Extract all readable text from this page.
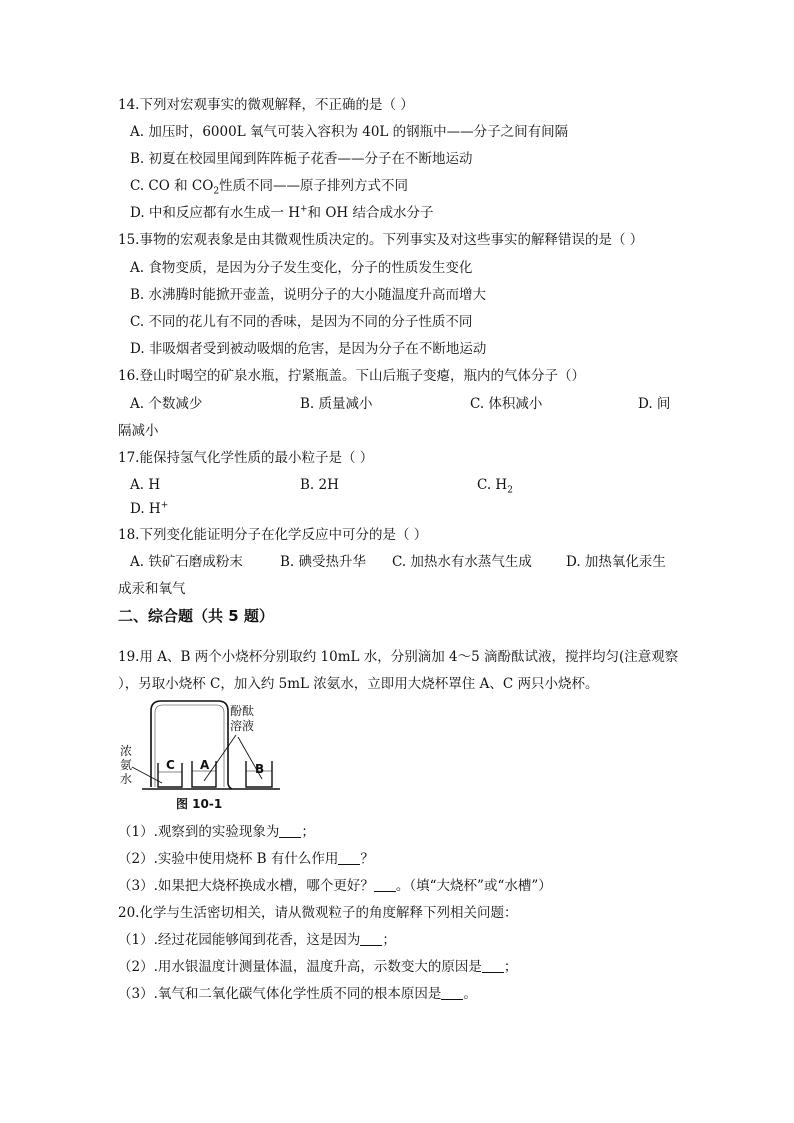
14.下列对宏观事实的微观解释，不正确的是（ ）
A. 加压时，6000L 氧气可装入容积为 40L 的钢瓶中——分子之间有间隔
B. 初夏在校园里闻到阵阵栀子花香——分子在不断地运动
C. CO 和 $CO_2$性质不同——原子排列方式不同
D. 中和反应都有水生成一 H+和 OH 结合成水分子
15.事物的宏观表象是由其微观性质决定的。下列事实及对这些事实的解释错误的是（ ）
A. 食物变质，是因为分子发生变化，分子的性质发生变化
B. 水沸腾时能掀开壶盖，说明分子的大小随温度升高而增大
C. 不同的花儿有不同的香味，是因为不同的分子性质不同
D. 非吸烟者受到被动吸烟的危害，是因为分子在不断地运动
16.登山时喝空的矿泉水瓶，拧紧瓶盖。下山后瓶子变瘪，瓶内的气体分子（）
A. 个数减少	B. 质量减小	C. 体积减小	D. 间
隔减小
17.能保持氢气化学性质的最小粒子是（ ）
A. H	B. 2H	C. $H_2$
D. H+
18.下列变化能证明分子在化学反应中可分的是（ ）
A. 铁矿石磨成粉末	B. 碘受热升华 C. 加热水有水蒸气生成	D. 加热氧化汞生
成汞和氧气
二、综合题（共 5 题）
19.用 A、B 两个小烧杯分别取约 10mL 水，分别滴加 4～5 滴酚酞试液，搅拌均匀(注意观察
），另取小烧杯 C，加入约 5mL 浓氨水，立即用大烧杯罩住 A、C 两只小烧杯。
酚酞
溶液
浓
氨
水
C A	B
图 10-1
（1）.观察到的实验现象为 ；
（2）.实验中使用烧杯 B 有什么作用 ？
（3）.如果把大烧杯换成水槽，哪个更好？ 。（填“大烧杯”或“水槽”）
20.化学与生活密切相关，请从微观粒子的角度解释下列相关问题：
（1）.经过花园能够闻到花香，这是因为 ；
（2）.用水银温度计测量体温，温度升高，示数变大的原因是 ；
（3）.氧气和二氧化碳气体化学性质不同的根本原因是 。
